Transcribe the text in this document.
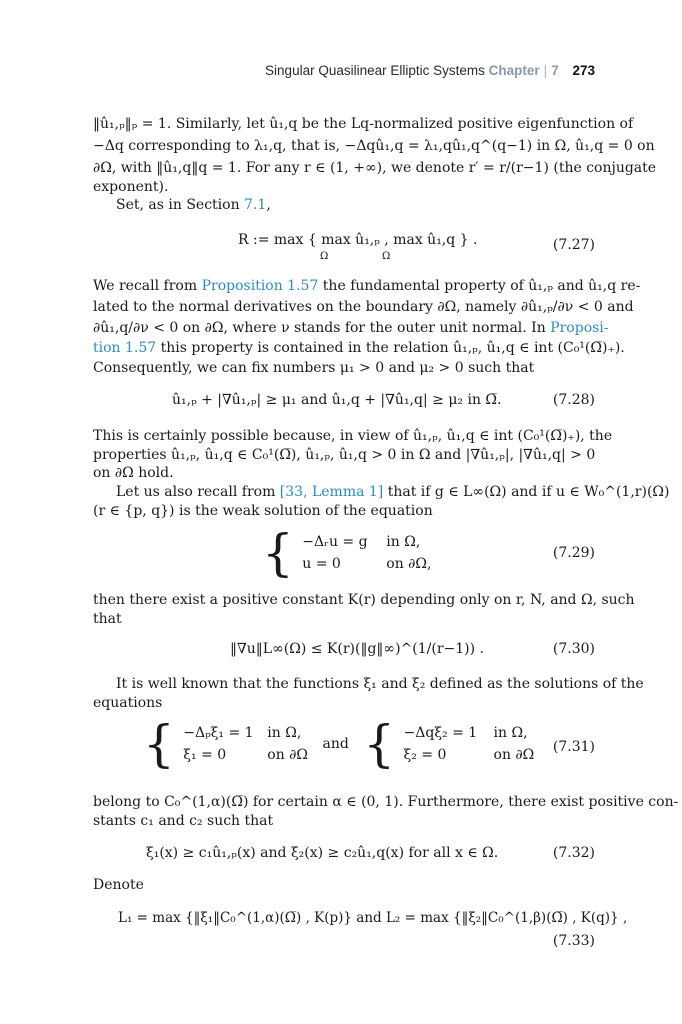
Singular Quasilinear Elliptic Systems Chapter | 7 273
‖û₁,ₚ‖ₚ = 1. Similarly, let û₁,q be the Lq-normalized positive eigenfunction of
−Δq corresponding to λ₁,q, that is, −Δqû₁,q = λ₁,qû₁,q^(q−1) in Ω, û₁,q = 0 on
∂Ω, with ‖û₁,q‖q = 1. For any r ∈ (1, +∞), we denote r′ = r/(r−1) (the conjugate
exponent).
Set, as in Section 7.1,
R := max { max û₁,ₚ , max û₁,q } .
Ω	Ω
(7.27)
We recall from Proposition 1.57 the fundamental property of û₁,ₚ and û₁,q re-
lated to the normal derivatives on the boundary ∂Ω, namely ∂û₁,ₚ/∂ν < 0 and
∂û₁,q/∂ν < 0 on ∂Ω, where ν stands for the outer unit normal. In Proposi-
tion 1.57 this property is contained in the relation û₁,ₚ, û₁,q ∈ int (C₀¹(Ω̅)₊).
Consequently, we can fix numbers μ₁ > 0 and μ₂ > 0 such that
û₁,ₚ + |∇û₁,ₚ| ≥ μ₁ and û₁,q + |∇û₁,q| ≥ μ₂ in Ω̅.	(7.28)
This is certainly possible because, in view of û₁,ₚ, û₁,q ∈ int (C₀¹(Ω̅)₊), the
properties û₁,ₚ, û₁,q ∈ C₀¹(Ω̅), û₁,ₚ, û₁,q > 0 in Ω and |∇û₁,ₚ|, |∇û₁,q| > 0
on ∂Ω hold.
Let us also recall from [33, Lemma 1] that if g ∈ L∞(Ω) and if u ∈ W₀^(1,r)(Ω)
(r ∈ {p, q}) is the weak solution of the equation
{ −Δᵣu = g in Ω,
u = 0	on ∂Ω,
(7.29)
then there exist a positive constant K(r) depending only on r, N, and Ω, such
that
‖∇u‖L∞(Ω) ≤ K(r)(‖g‖∞)^(1/(r−1)) .	(7.30)
It is well known that the functions ξ₁ and ξ₂ defined as the solutions of the
equations
{ −Δₚξ₁ = 1 in Ω,
ξ₁ = 0	on ∂Ω and { −Δqξ₂ = 1 in Ω,
ξ₂ = 0	on ∂Ω (7.31)
belong to C₀^(1,α)(Ω̅) for certain α ∈ (0, 1). Furthermore, there exist positive con-
stants c₁ and c₂ such that
ξ₁(x) ≥ c₁û₁,ₚ(x) and ξ₂(x) ≥ c₂û₁,q(x) for all x ∈ Ω.	(7.32)
Denote
L₁ = max {‖ξ₁‖C₀^(1,α)(Ω̅) , K(p)} and L₂ = max {‖ξ₂‖C₀^(1,β)(Ω̅) , K(q)} ,
(7.33)
